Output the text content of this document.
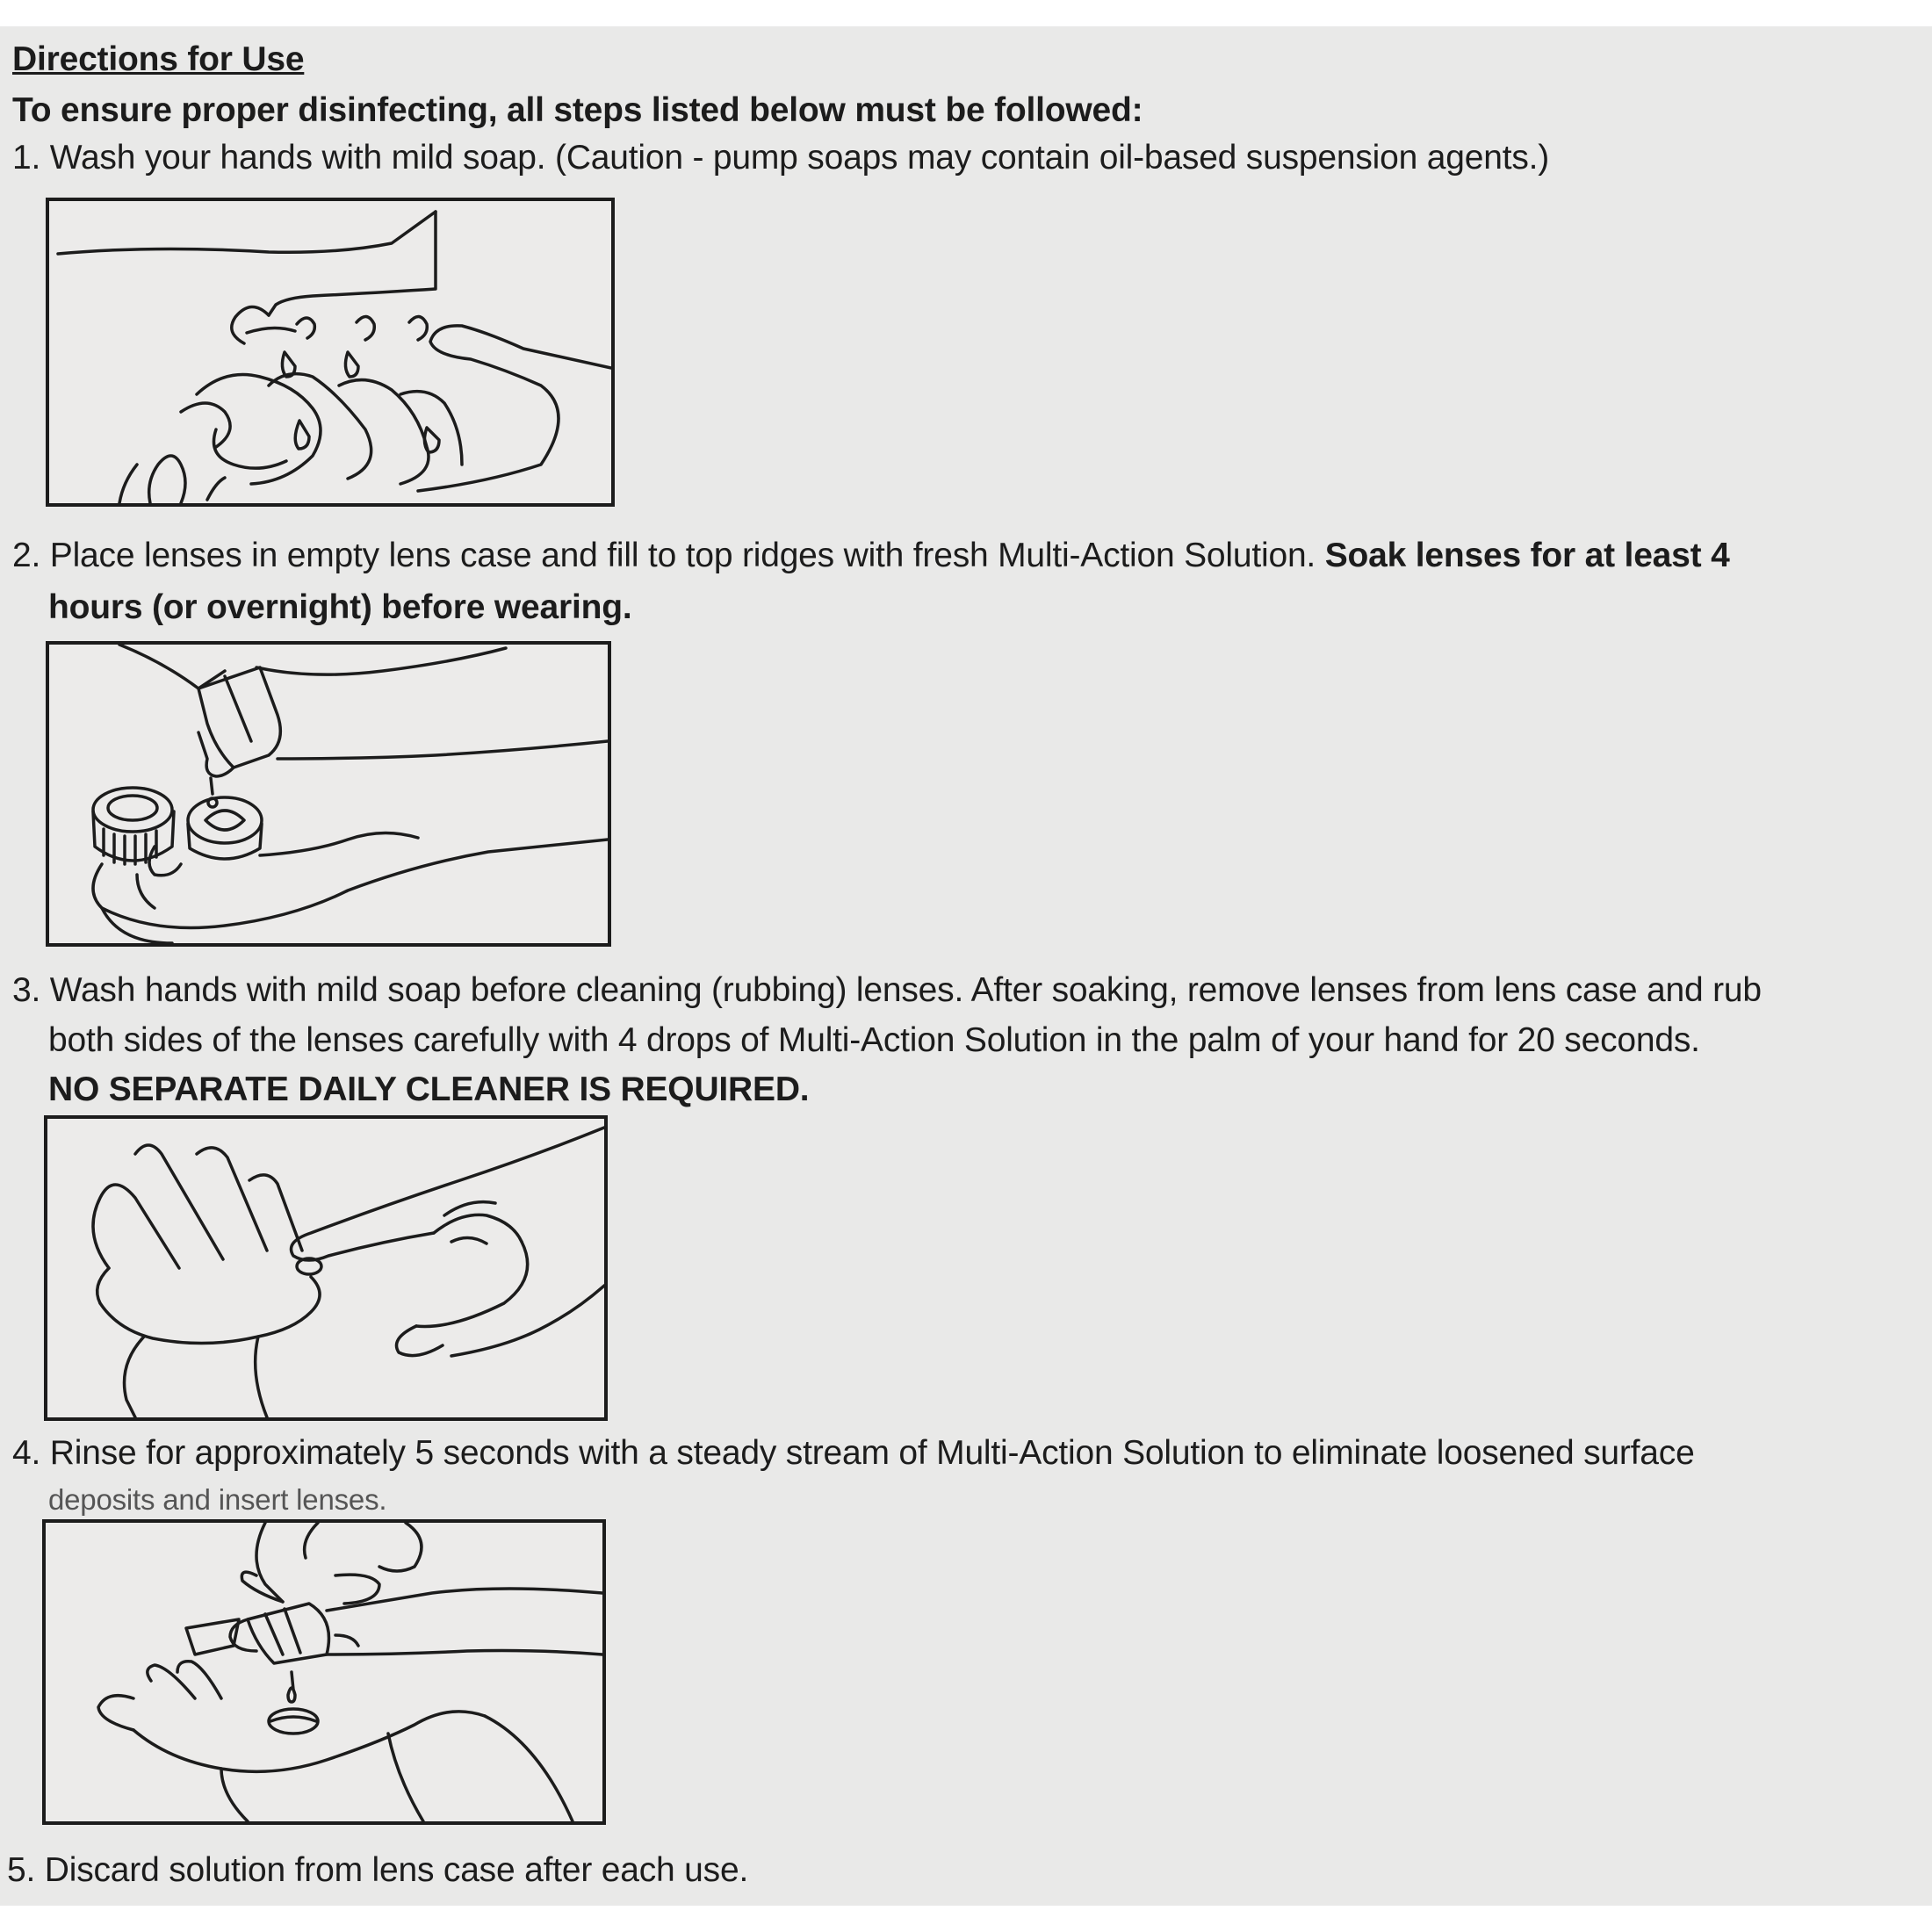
Directions for Use

To ensure proper disinfecting, all steps listed below must be followed:

1. Wash your hands with mild soap. (Caution - pump soaps may contain oil-based suspension agents.)

2. Place lenses in empty lens case and fill to top ridges with fresh Multi-Action Solution. Soak lenses for at least 4

hours (or overnight) before wearing.

3. Wash hands with mild soap before cleaning (rubbing) lenses. After soaking, remove lenses from lens case and rub

both sides of the lenses carefully with 4 drops of Multi-Action Solution in the palm of your hand for 20 seconds.

NO SEPARATE DAILY CLEANER IS REQUIRED.

4. Rinse for approximately 5 seconds with a steady stream of Multi-Action Solution to eliminate loosened surface

deposits and insert lenses.

5. Discard solution from lens case after each use.
